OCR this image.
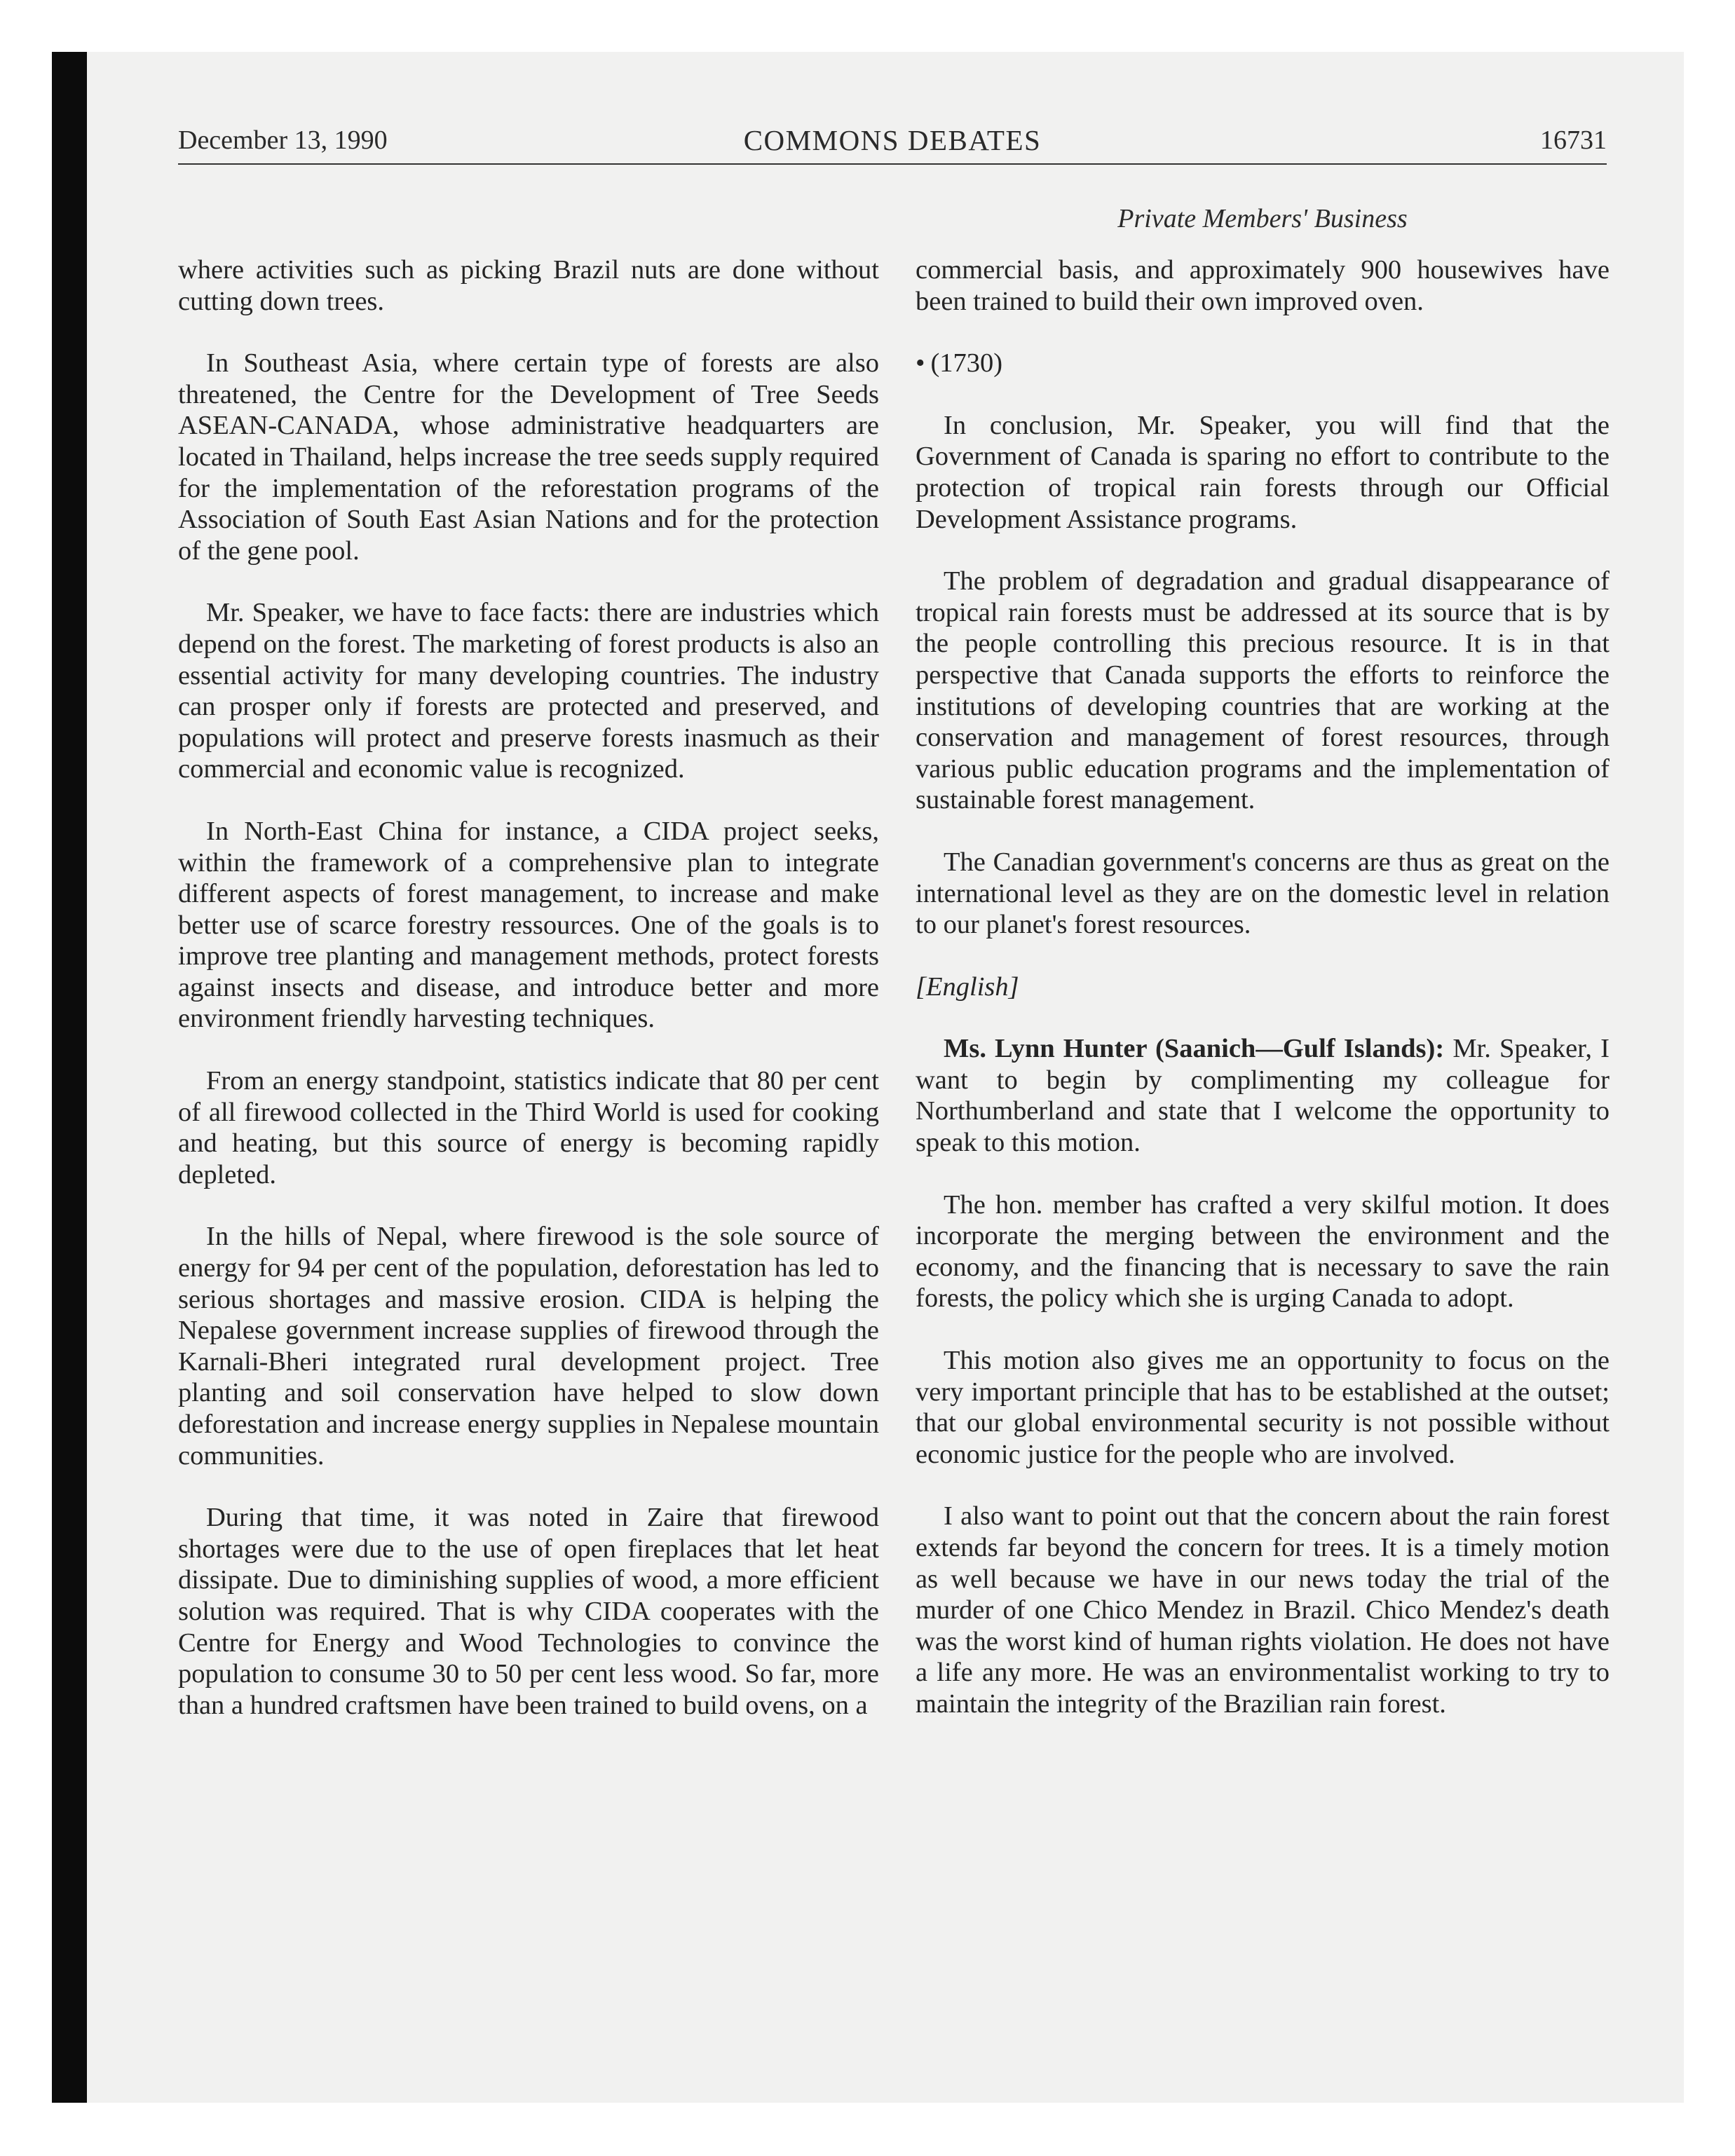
December 13, 1990	COMMONS DEBATES	16731
Private Members' Business

where activities such as picking Brazil nuts are done without cutting down trees.

In Southeast Asia, where certain type of forests are also threatened, the Centre for the Development of Tree Seeds ASEAN-CANADA, whose administrative headquarters are located in Thailand, helps increase the tree seeds supply required for the implementation of the reforestation programs of the Association of South East Asian Nations and for the protection of the gene pool.

Mr. Speaker, we have to face facts: there are industries which depend on the forest. The marketing of forest products is also an essential activity for many developing countries. The industry can prosper only if forests are protected and preserved, and populations will protect and preserve forests inasmuch as their commercial and economic value is recognized.

In North-East China for instance, a CIDA project seeks, within the framework of a comprehensive plan to integrate different aspects of forest management, to increase and make better use of scarce forestry ressources. One of the goals is to improve tree planting and management methods, protect forests against insects and disease, and introduce better and more environment friendly harvesting techniques.

From an energy standpoint, statistics indicate that 80 per cent of all firewood collected in the Third World is used for cooking and heating, but this source of energy is becoming rapidly depleted.

In the hills of Nepal, where firewood is the sole source of energy for 94 per cent of the population, deforestation has led to serious shortages and massive erosion. CIDA is helping the Nepalese government increase supplies of firewood through the Karnali-Bheri integrated rural development project. Tree planting and soil conservation have helped to slow down deforestation and increase energy supplies in Nepalese mountain communities.

During that time, it was noted in Zaire that firewood shortages were due to the use of open fireplaces that let heat dissipate. Due to diminishing supplies of wood, a more efficient solution was required. That is why CIDA cooperates with the Centre for Energy and Wood Technologies to convince the population to consume 30 to 50 per cent less wood. So far, more than a hundred craftsmen have been trained to build ovens, on a

commercial basis, and approximately 900 housewives have been trained to build their own improved oven.

• (1730)

In conclusion, Mr. Speaker, you will find that the Government of Canada is sparing no effort to contribute to the protection of tropical rain forests through our Official Development Assistance programs.

The problem of degradation and gradual disappearance of tropical rain forests must be addressed at its source that is by the people controlling this precious resource. It is in that perspective that Canada supports the efforts to reinforce the institutions of developing countries that are working at the conservation and management of forest resources, through various public education programs and the implementation of sustainable forest management.

The Canadian government's concerns are thus as great on the international level as they are on the domestic level in relation to our planet's forest resources.

[English]

Ms. Lynn Hunter (Saanich—Gulf Islands): Mr. Speaker, I want to begin by complimenting my colleague for Northumberland and state that I welcome the opportunity to speak to this motion.

The hon. member has crafted a very skilful motion. It does incorporate the merging between the environment and the economy, and the financing that is necessary to save the rain forests, the policy which she is urging Canada to adopt.

This motion also gives me an opportunity to focus on the very important principle that has to be established at the outset; that our global environmental security is not possible without economic justice for the people who are involved.

I also want to point out that the concern about the rain forest extends far beyond the concern for trees. It is a timely motion as well because we have in our news today the trial of the murder of one Chico Mendez in Brazil. Chico Mendez's death was the worst kind of human rights violation. He does not have a life any more. He was an environmentalist working to try to maintain the integrity of the Brazilian rain forest.
